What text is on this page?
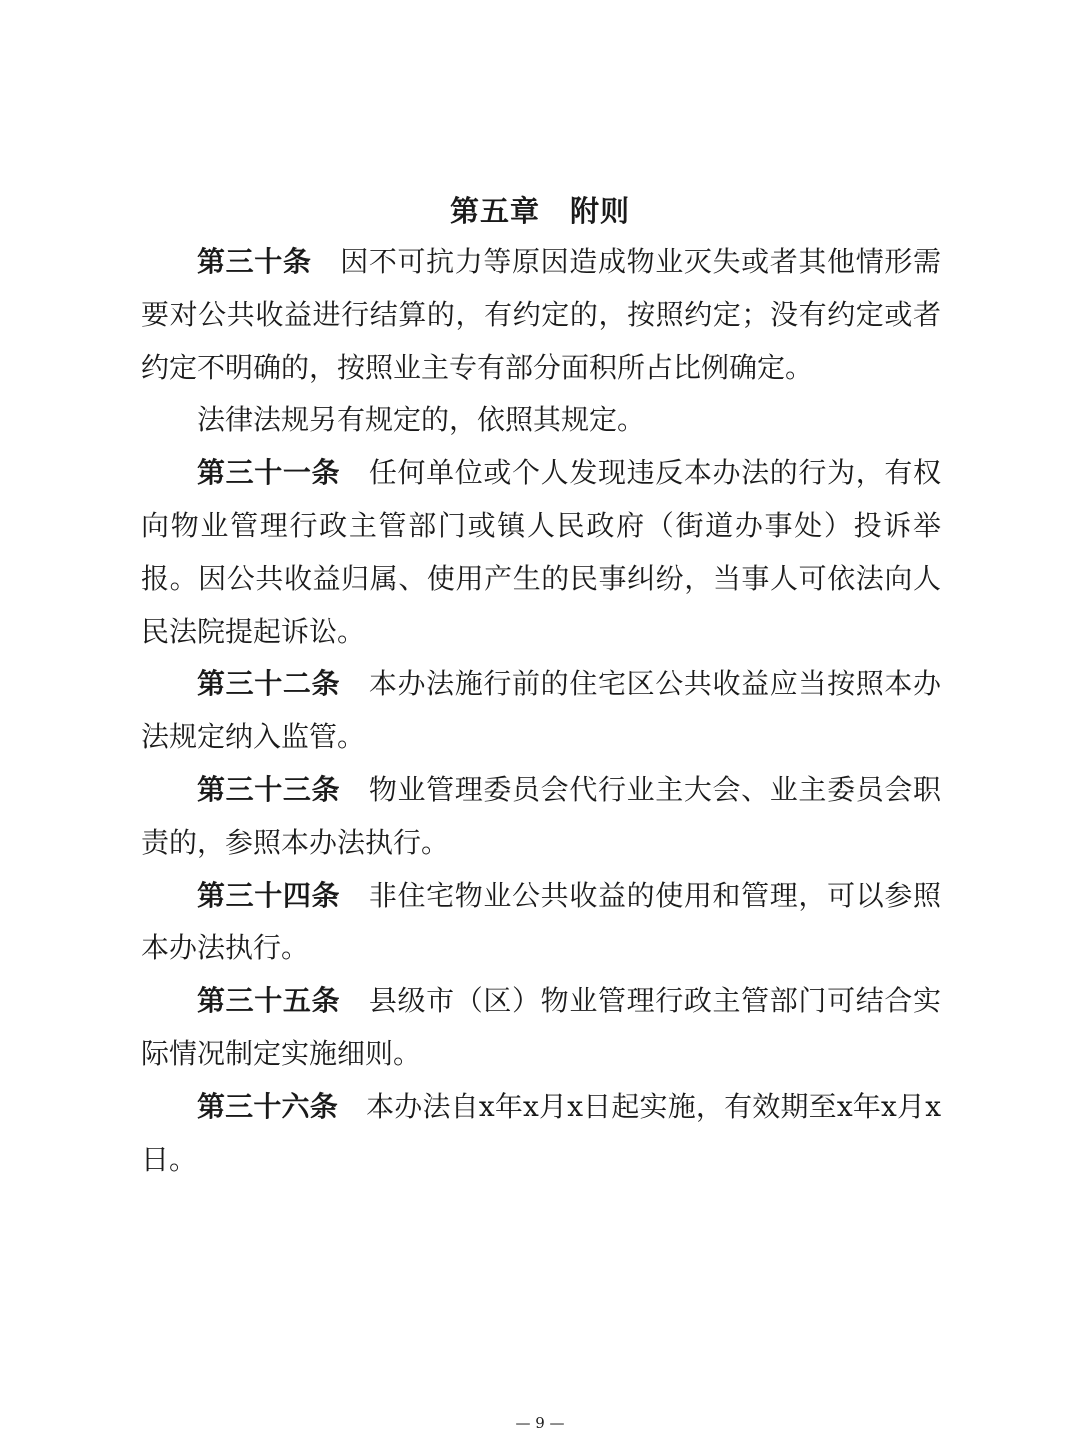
第五章 附则

第三十条 因不可抗力等原因造成物业灭失或者其他情形需要对公共收益进行结算的，有约定的，按照约定；没有约定或者约定不明确的，按照业主专有部分面积所占比例确定。

法律法规另有规定的，依照其规定。

第三十一条 任何单位或个人发现违反本办法的行为，有权向物业管理行政主管部门或镇人民政府（街道办事处）投诉举报。因公共收益归属、使用产生的民事纠纷，当事人可依法向人民法院提起诉讼。

第三十二条 本办法施行前的住宅区公共收益应当按照本办法规定纳入监管。

第三十三条 物业管理委员会代行业主大会、业主委员会职责的，参照本办法执行。

第三十四条 非住宅物业公共收益的使用和管理，可以参照本办法执行。

第三十五条 县级市（区）物业管理行政主管部门可结合实际情况制定实施细则。

第三十六条 本办法自x年x月x日起实施，有效期至x年x月x日。

— 9 —
